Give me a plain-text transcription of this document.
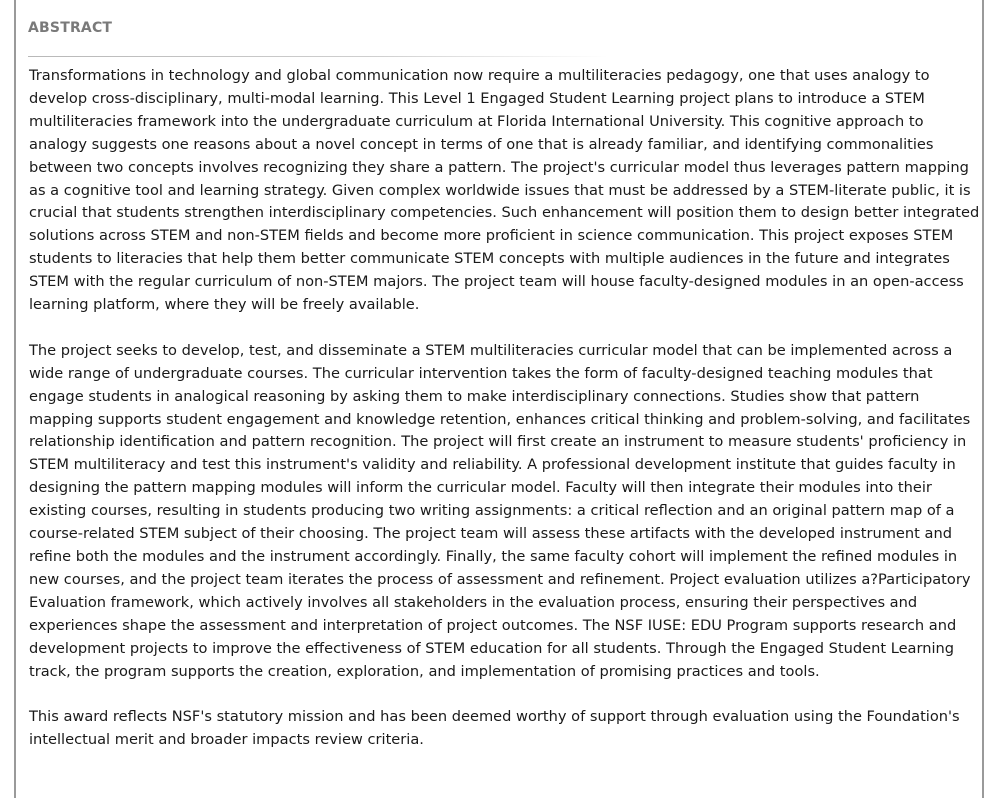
ABSTRACT

Transformations in technology and global communication now require a multiliteracies pedagogy, one that uses analogy to develop cross-disciplinary, multi-modal learning. This Level 1 Engaged Student Learning project plans to introduce a STEM multiliteracies framework into the undergraduate curriculum at Florida International University. This cognitive approach to analogy suggests one reasons about a novel concept in terms of one that is already familiar, and identifying commonalities between two concepts involves recognizing they share a pattern. The project's curricular model thus leverages pattern mapping as a cognitive tool and learning strategy. Given complex worldwide issues that must be addressed by a STEM-literate public, it is crucial that students strengthen interdisciplinary competencies. Such enhancement will position them to design better integrated solutions across STEM and non-STEM fields and become more proficient in science communication. This project exposes STEM students to literacies that help them better communicate STEM concepts with multiple audiences in the future and integrates STEM with the regular curriculum of non-STEM majors. The project team will house faculty-designed modules in an open-access learning platform, where they will be freely available.

The project seeks to develop, test, and disseminate a STEM multiliteracies curricular model that can be implemented across a wide range of undergraduate courses. The curricular intervention takes the form of faculty-designed teaching modules that engage students in analogical reasoning by asking them to make interdisciplinary connections. Studies show that pattern mapping supports student engagement and knowledge retention, enhances critical thinking and problem-solving, and facilitates relationship identification and pattern recognition. The project will first create an instrument to measure students' proficiency in STEM multiliteracy and test this instrument's validity and reliability. A professional development institute that guides faculty in designing the pattern mapping modules will inform the curricular model. Faculty will then integrate their modules into their existing courses, resulting in students producing two writing assignments: a critical reflection and an original pattern map of a course-related STEM subject of their choosing. The project team will assess these artifacts with the developed instrument and refine both the modules and the instrument accordingly. Finally, the same faculty cohort will implement the refined modules in new courses, and the project team iterates the process of assessment and refinement. Project evaluation utilizes a?Participatory Evaluation framework, which actively involves all stakeholders in the evaluation process, ensuring their perspectives and experiences shape the assessment and interpretation of project outcomes. The NSF IUSE: EDU Program supports research and development projects to improve the effectiveness of STEM education for all students. Through the Engaged Student Learning track, the program supports the creation, exploration, and implementation of promising practices and tools.

This award reflects NSF's statutory mission and has been deemed worthy of support through evaluation using the Foundation's intellectual merit and broader impacts review criteria.
